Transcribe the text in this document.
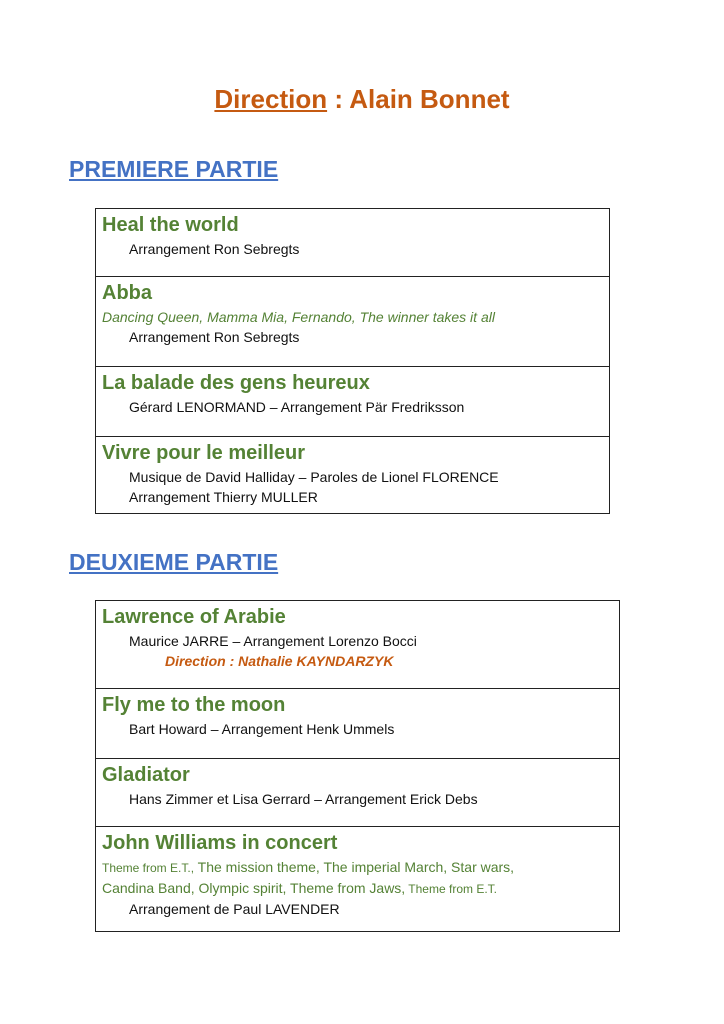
Direction : Alain Bonnet
PREMIERE PARTIE
Heal the world
Arrangement Ron Sebregts
Abba
Dancing Queen, Mamma Mia, Fernando, The winner takes it all
Arrangement Ron Sebregts
La balade des gens heureux
Gérard LENORMAND – Arrangement Pär Fredriksson
Vivre pour le meilleur
Musique de David Halliday – Paroles de Lionel FLORENCE
Arrangement Thierry MULLER
DEUXIEME PARTIE
Lawrence of Arabie
Maurice JARRE – Arrangement Lorenzo Bocci
Direction : Nathalie KAYNDARZYK
Fly me to the moon
Bart Howard – Arrangement Henk Ummels
Gladiator
Hans Zimmer et Lisa Gerrard – Arrangement Erick Debs
John Williams in concert
Theme from E.T., The mission theme, The imperial March, Star wars,
Candina Band, Olympic spirit, Theme from Jaws, Theme from E.T.
Arrangement de Paul LAVENDER
